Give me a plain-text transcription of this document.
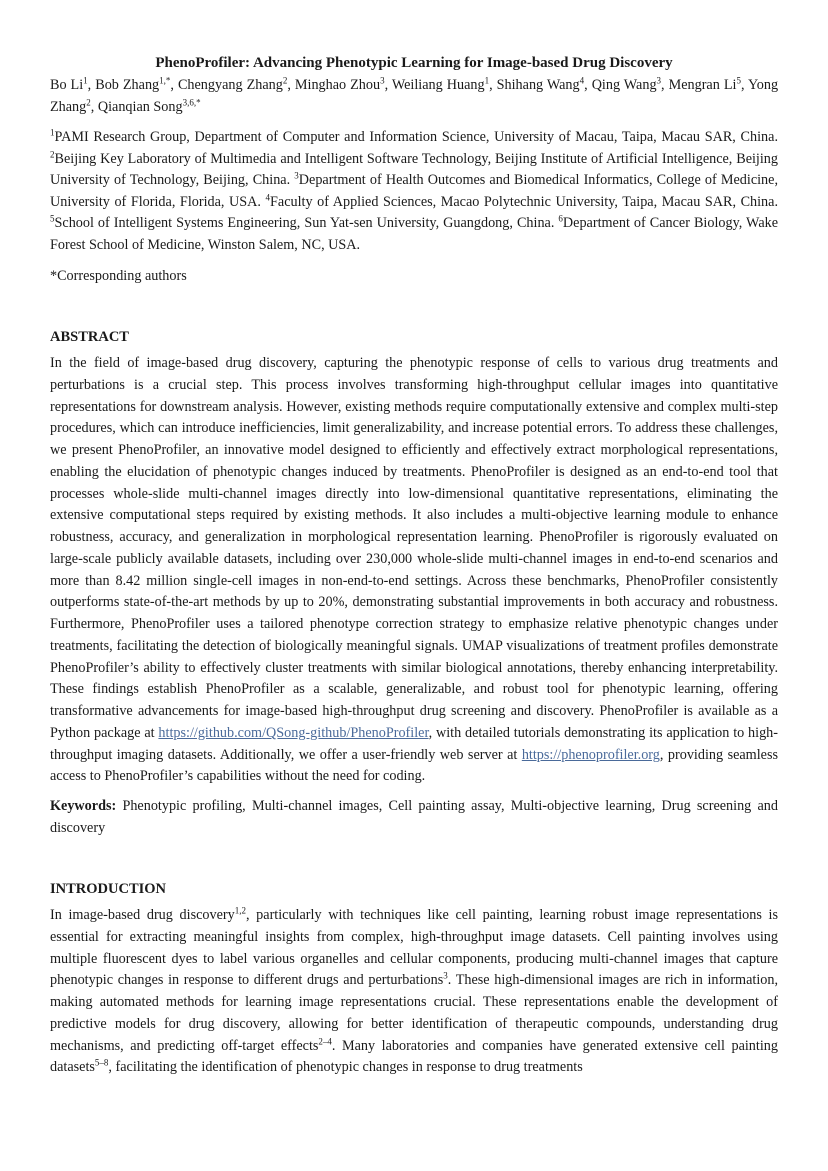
PhenoProfiler: Advancing Phenotypic Learning for Image-based Drug Discovery

Bo Li$^1$, Bob Zhang$^{1,*}$, Chengyang Zhang$^2$, Minghao Zhou$^3$, Weiliang Huang$^1$, Shihang Wang$^4$, Qing Wang$^3$, Mengran Li$^5$, Yong Zhang$^2$, Qianqian Song$^{3,6,*}$

$^1$PAMI Research Group, Department of Computer and Information Science, University of Macau, Taipa, Macau SAR, China. $^2$Beijing Key Laboratory of Multimedia and Intelligent Software Technology, Beijing Institute of Artificial Intelligence, Beijing University of Technology, Beijing, China. $^3$Department of Health Outcomes and Biomedical Informatics, College of Medicine, University of Florida, Florida, USA. $^4$Faculty of Applied Sciences, Macao Polytechnic University, Taipa, Macau SAR, China. $^5$School of Intelligent Systems Engineering, Sun Yat-sen University, Guangdong, China. $^6$Department of Cancer Biology, Wake Forest School of Medicine, Winston Salem, NC, USA.

*Corresponding authors

ABSTRACT

In the field of image-based drug discovery, capturing the phenotypic response of cells to various drug treatments and perturbations is a crucial step. This process involves transforming high-throughput cellular images into quantitative representations for downstream analysis. However, existing methods require computationally extensive and complex multi-step procedures, which can introduce inefficiencies, limit generalizability, and increase potential errors. To address these challenges, we present PhenoProfiler, an innovative model designed to efficiently and effectively extract morphological representations, enabling the elucidation of phenotypic changes induced by treatments. PhenoProfiler is designed as an end-to-end tool that processes whole-slide multi-channel images directly into low-dimensional quantitative representations, eliminating the extensive computational steps required by existing methods. It also includes a multi-objective learning module to enhance robustness, accuracy, and generalization in morphological representation learning. PhenoProfiler is rigorously evaluated on large-scale publicly available datasets, including over 230,000 whole-slide multi-channel images in end-to-end scenarios and more than 8.42 million single-cell images in non-end-to-end settings. Across these benchmarks, PhenoProfiler consistently outperforms state-of-the-art methods by up to 20%, demonstrating substantial improvements in both accuracy and robustness. Furthermore, PhenoProfiler uses a tailored phenotype correction strategy to emphasize relative phenotypic changes under treatments, facilitating the detection of biologically meaningful signals. UMAP visualizations of treatment profiles demonstrate PhenoProfiler’s ability to effectively cluster treatments with similar biological annotations, thereby enhancing interpretability. These findings establish PhenoProfiler as a scalable, generalizable, and robust tool for phenotypic learning, offering transformative advancements for image-based high-throughput drug screening and discovery. PhenoProfiler is available as a Python package at https://github.com/QSong-github/PhenoProfiler, with detailed tutorials demonstrating its application to high-throughput imaging datasets. Additionally, we offer a user-friendly web server at https://phenoprofiler.org, providing seamless access to PhenoProfiler’s capabilities without the need for coding.

Keywords: Phenotypic profiling, Multi-channel images, Cell painting assay, Multi-objective learning, Drug screening and discovery

INTRODUCTION

In image-based drug discovery$^{1,2}$, particularly with techniques like cell painting, learning robust image representations is essential for extracting meaningful insights from complex, high-throughput image datasets. Cell painting involves using multiple fluorescent dyes to label various organelles and cellular components, producing multi-channel images that capture phenotypic changes in response to different drugs and perturbations$^3$. These high-dimensional images are rich in information, making automated methods for learning image representations crucial. These representations enable the development of predictive models for drug discovery, allowing for better identification of therapeutic compounds, understanding drug mechanisms, and predicting off-target effects$^{2-4}$. Many laboratories and companies have generated extensive cell painting datasets$^{5-8}$, facilitating the identification of phenotypic changes in response to drug treatments
